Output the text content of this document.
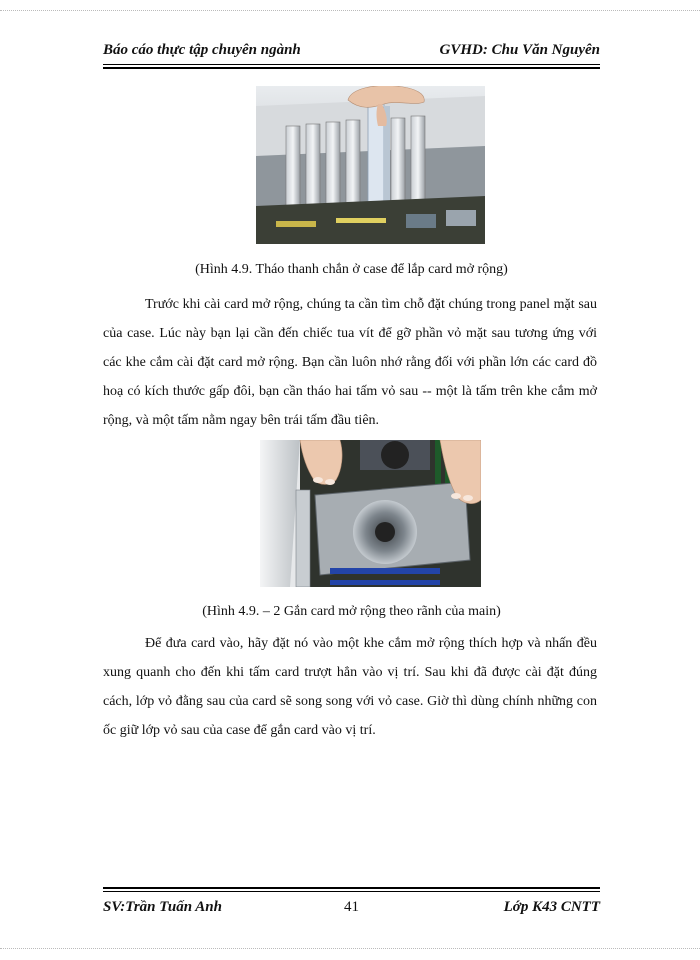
Báo cáo thực tập chuyên ngành	GVHD: Chu Văn Nguyên
(Hình 4.9. Tháo thanh chắn ở case để lắp card mở rộng)

Trước khi cài card mở rộng, chúng ta cần tìm chỗ đặt chúng trong panel mặt sau của case. Lúc này bạn lại cần đến chiếc tua vít để gỡ phần vỏ mặt sau tương ứng với các khe cắm cài đặt card mở rộng. Bạn cần luôn nhớ rằng đối với phần lớn các card đồ hoạ có kích thước gấp đôi, bạn cần tháo hai tấm vỏ sau -- một là tấm trên khe cắm mở rộng, và một tấm nằm ngay bên trái tấm đầu tiên.

(Hình 4.9. – 2 Gắn card mở rộng theo rãnh của main)

Để đưa card vào, hãy đặt nó vào một khe cắm mở rộng thích hợp và nhấn đều xung quanh cho đến khi tấm card trượt hẳn vào vị trí. Sau khi đã được cài đặt đúng cách, lớp vỏ đằng sau của card sẽ song song với vỏ case. Giờ thì dùng chính những con ốc giữ lớp vỏ sau của case để gắn card vào vị trí.

SV:Trần Tuấn Anh	41	Lớp K43 CNTT
